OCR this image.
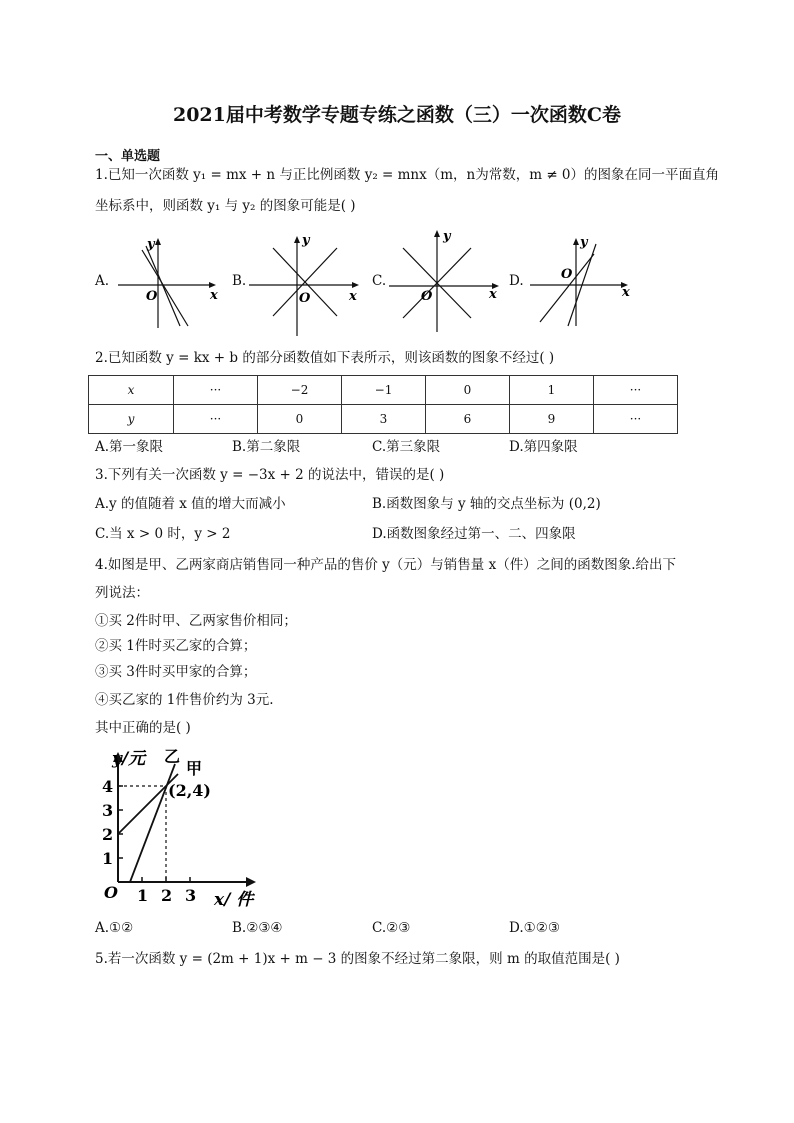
2021届中考数学专题专练之函数（三）一次函数C卷
一、单选题
1.已知一次函数 y₁ = mx + n 与正比例函数 y₂ = mnx（m，n为常数，m ≠ 0）的图象在同一平面直角
坐标系中，则函数 y₁ 与 y₂ 的图象可能是( )
A.
y
x
O
B.
y
x
O
C.
y
x
O
D.
y
x
O
2.已知函数 y = kx + b 的部分函数值如下表所示，则该函数的图象不经过( )
x	···	−2	−1	0	1	···
y	···	0	3	6	9	···
A.第一象限	B.第二象限	C.第三象限	D.第四象限
3.下列有关一次函数 y = −3x + 2 的说法中，错误的是( )
A.y 的值随着 x 值的增大而减小	B.函数图象与 y 轴的交点坐标为 (0,2)
C.当 x > 0 时，y > 2	D.函数图象经过第一、二、四象限
4.如图是甲、乙两家商店销售同一种产品的售价 y（元）与销售量 x（件）之间的函数图象.给出下
列说法：
①买 2件时甲、乙两家售价相同；
②买 1件时买乙家的合算；
③买 3件时买甲家的合算；
④买乙家的 1件售价约为 3元.
其中正确的是( )
y/元
x/ 件
乙
甲
(2,4)
O 1 2 3
1
2
3
4
A.①②	B.②③④	C.②③	D.①②③
5.若一次函数 y = (2m + 1)x + m − 3 的图象不经过第二象限，则 m 的取值范围是( )
